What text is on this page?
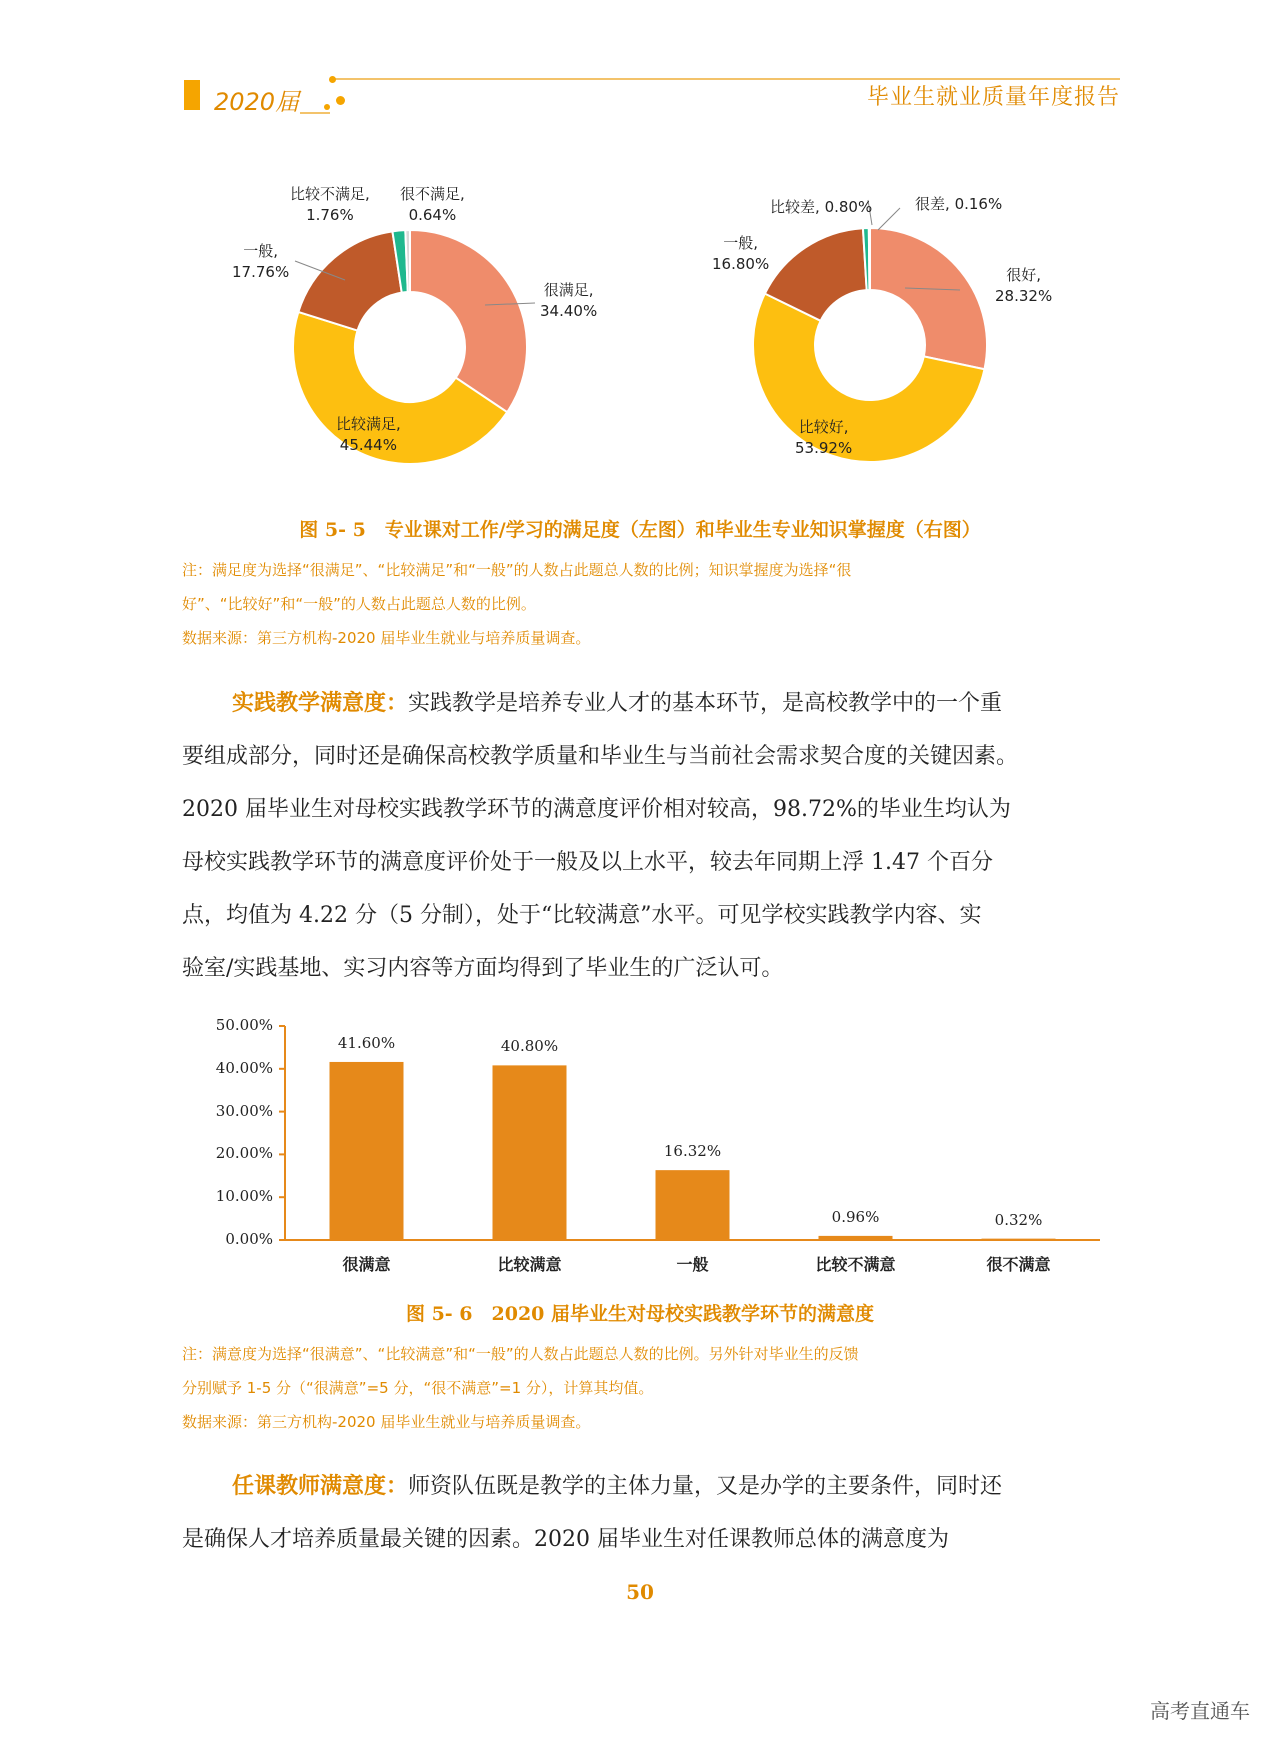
2020届	毕业生就业质量年度报告
比较不满足,
1.76%
很不满足,
0.64%
一般,
17.76%
很满足,
34.40%
比较满足,
45.44%
比较差, 0.80%	很差, 0.16%
一般,
16.80%
很好,
28.32%
比较好,
53.92%
图 5- 5　专业课对工作/学习的满足度（左图）和毕业生专业知识掌握度（右图）
注：满足度为选择“很满足”、“比较满足”和“一般”的人数占此题总人数的比例；知识掌握度为选择“很
好”、“比较好”和“一般”的人数占此题总人数的比例。
数据来源：第三方机构-2020 届毕业生就业与培养质量调查。
实践教学满意度：实践教学是培养专业人才的基本环节，是高校教学中的一个重
要组成部分，同时还是确保高校教学质量和毕业生与当前社会需求契合度的关键因素。
2020 届毕业生对母校实践教学环节的满意度评价相对较高，98.72%的毕业生均认为
母校实践教学环节的满意度评价处于一般及以上水平，较去年同期上浮 1.47 个百分
点，均值为 4.22 分（5 分制），处于“比较满意”水平。可见学校实践教学内容、实
验室/实践基地、实习内容等方面均得到了毕业生的广泛认可。
0.00%
10.00%
20.00%
30.00%
40.00%
50.00%
41.60%
很满意
40.80%
比较满意
16.32%
一般
0.96%
比较不满意
0.32%
很不满意
图 5- 6　2020 届毕业生对母校实践教学环节的满意度
注：满意度为选择“很满意”、“比较满意”和“一般”的人数占此题总人数的比例。另外针对毕业生的反馈
分别赋予 1-5 分（“很满意”=5 分，“很不满意”=1 分），计算其均值。
数据来源：第三方机构-2020 届毕业生就业与培养质量调查。
任课教师满意度：师资队伍既是教学的主体力量，又是办学的主要条件，同时还
是确保人才培养质量最关键的因素。2020 届毕业生对任课教师总体的满意度为
50
高考直通车
